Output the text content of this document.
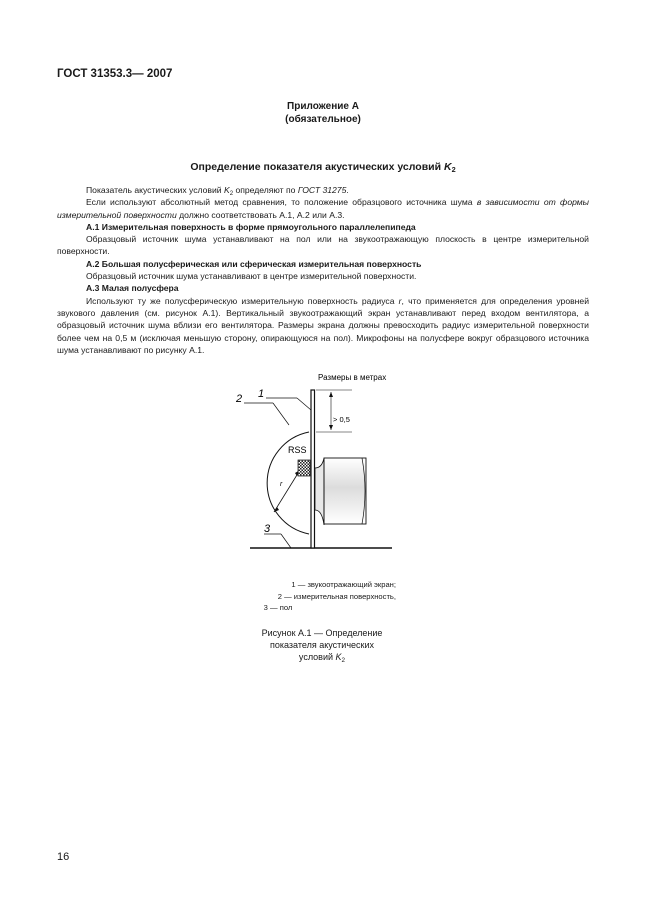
ГОСТ 31353.3— 2007
Приложение А
(обязательное)
Определение показателя акустических условий $K_2$

Показатель акустических условий $K_2$ определяют по ГОСТ 31275.

Если используют абсолютный метод сравнения, то положение образцового источника шума в зависимости от формы измерительной поверхности должно соответствовать А.1, А.2 или А.3.

А.1 Измерительная поверхность в форме прямоугольного параллелепипеда

Образцовый источник шума устанавливают на пол или на звукоотражающую плоскость в центре измерительной поверхности.

А.2 Большая полусферическая или сферическая измерительная поверхность

Образцовый источник шума устанавливают в центре измерительной поверхности.

А.3 Малая полусфера

Используют ту же полусферическую измерительную поверхность радиуса r, что применяется для определения уровней звукового давления (см. рисунок А.1). Вертикальный звукоотражающий экран устанавливают перед входом вентилятора, а образцовый источник шума вблизи его вентилятора. Размеры экрана должны превосходить радиус измерительной поверхности более чем на 0,5 м (исключая меньшую сторону, опирающуюся на пол). Микрофоны на полусфере вокруг образцового источника шума устанавливают по рисунку А.1.

Размеры в метрах
r
RSS
> 0,5
2 1
3
1 — звукоотражающий экран;
2 — измерительная поверхность,
3 — пол
Рисунок А.1 — Определение
показателя акустических
условий $K_2$
16
